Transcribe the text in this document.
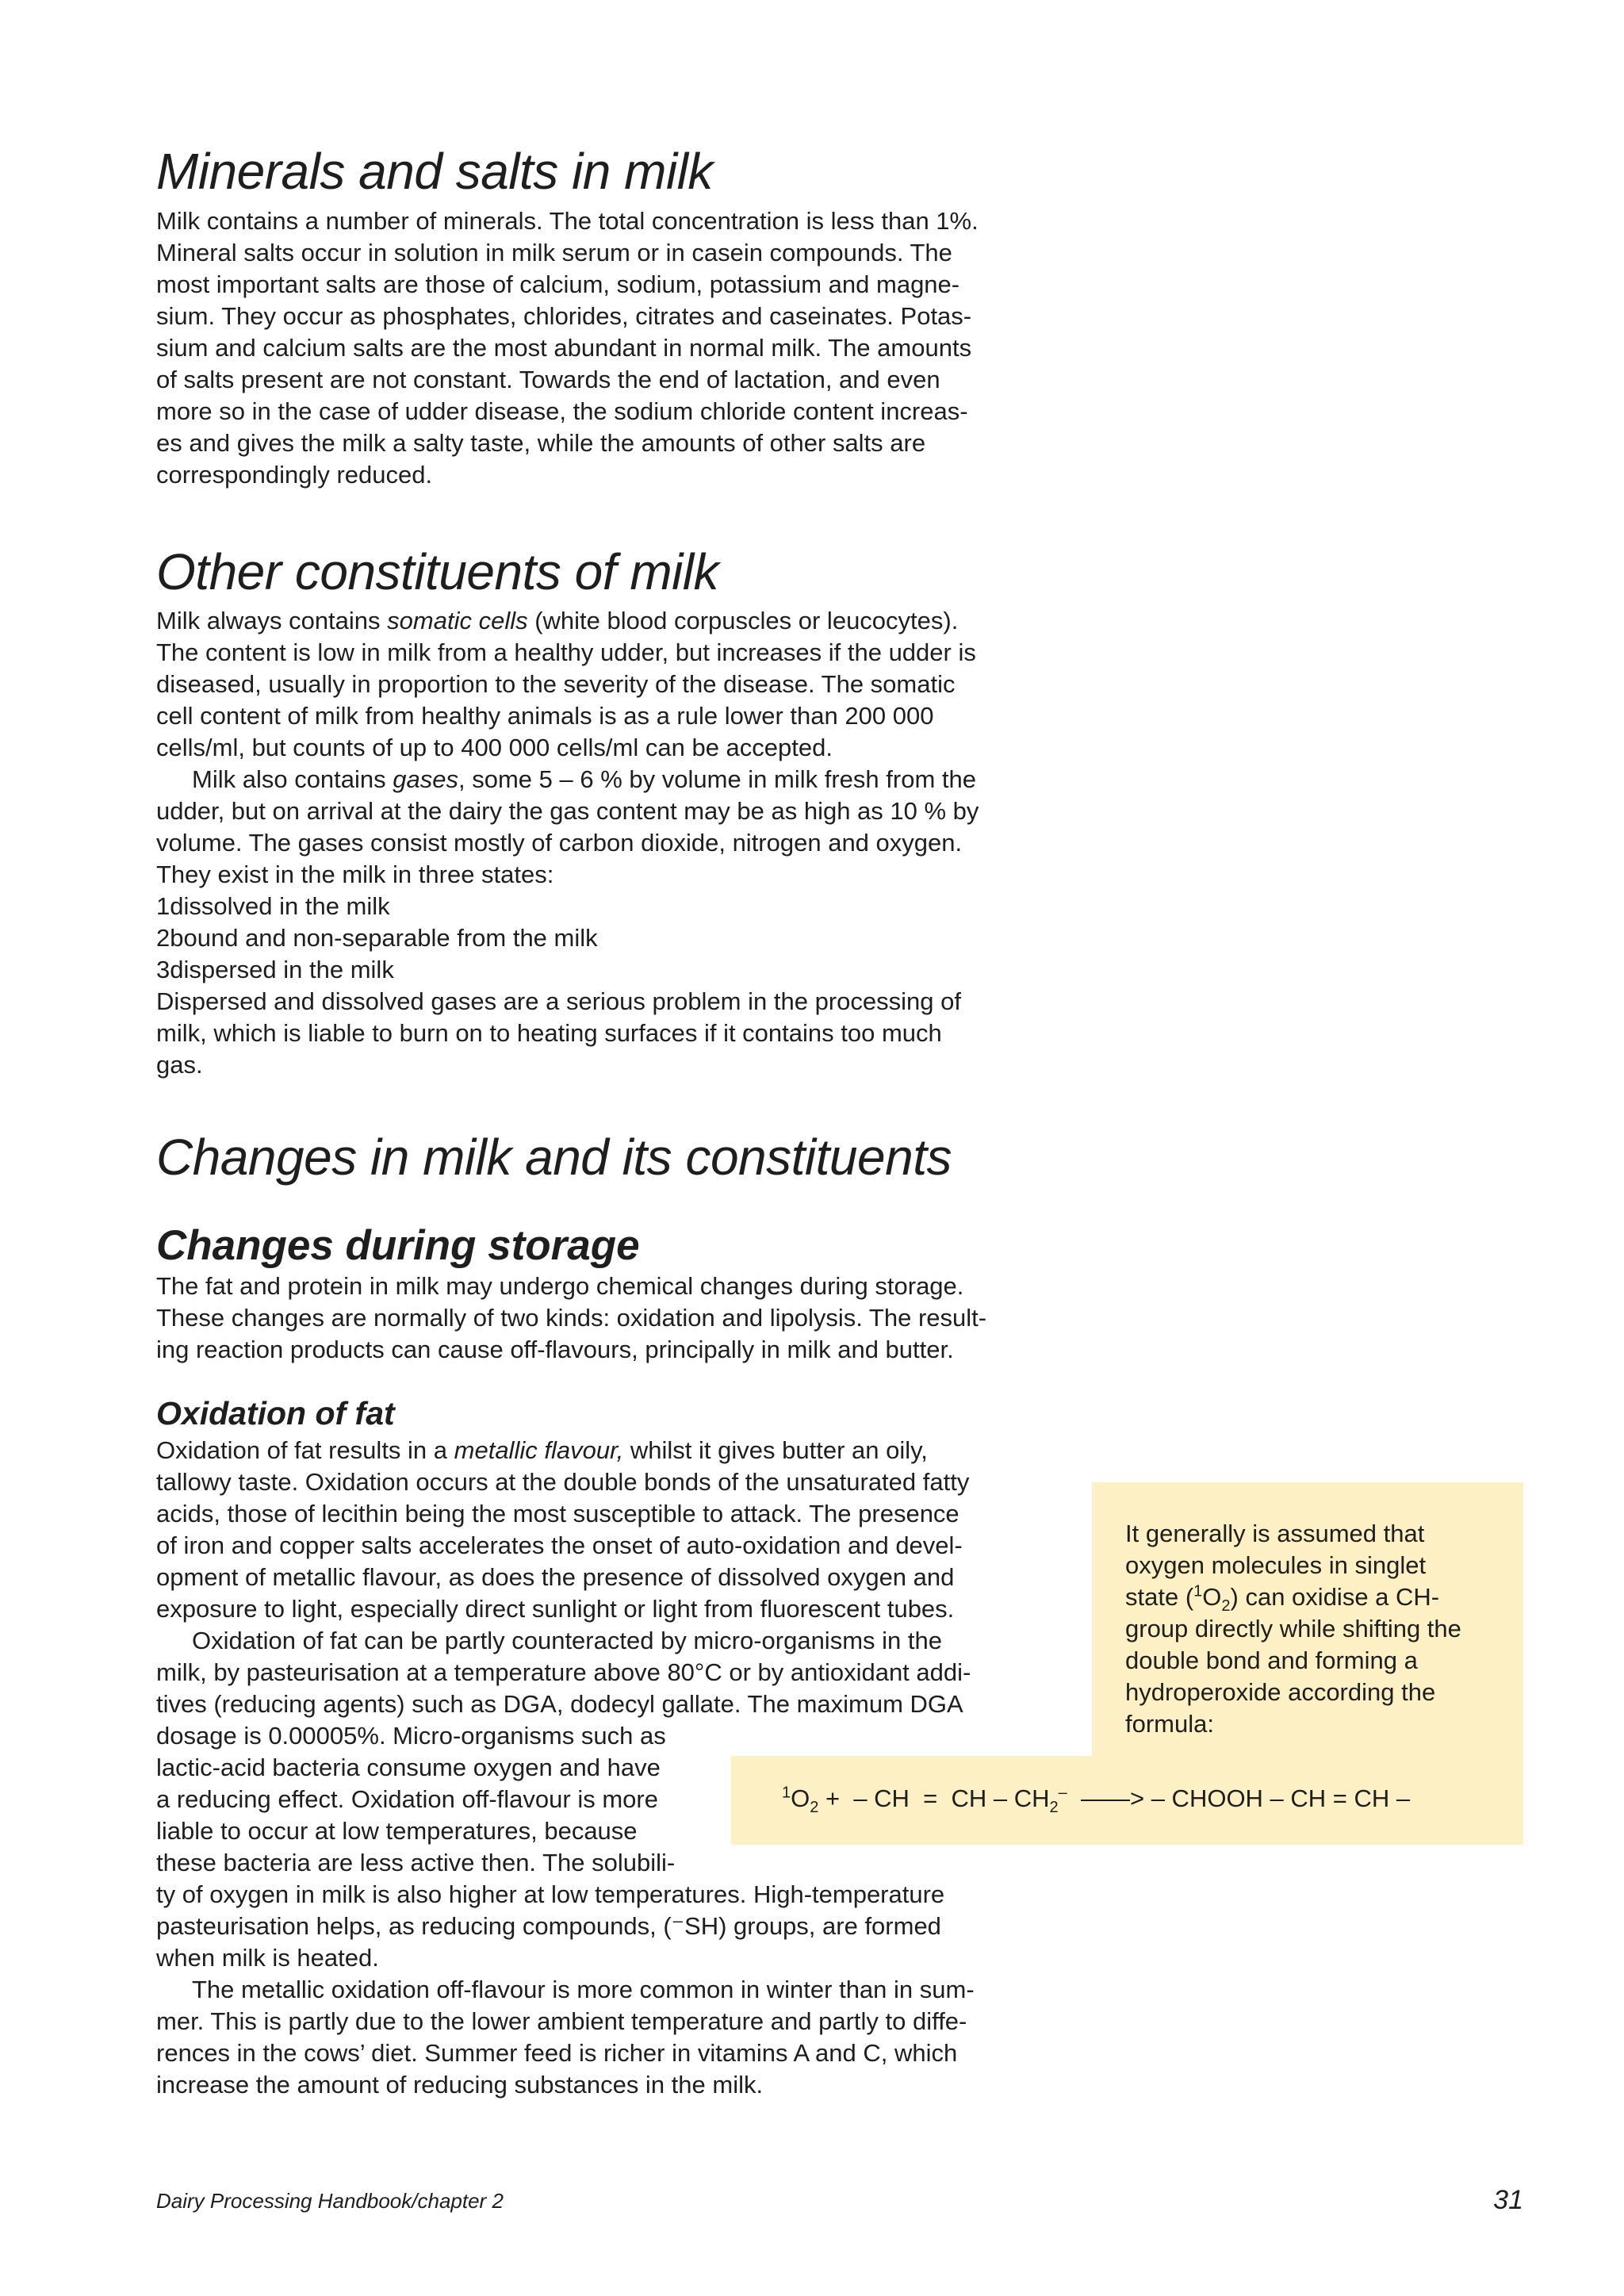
Minerals and salts in milk
Milk contains a number of minerals. The total concentration is less than 1%.
Mineral salts occur in solution in milk serum or in casein compounds. The
most important salts are those of calcium, sodium, potassium and magne-
sium. They occur as phosphates, chlorides, citrates and caseinates. Potas-
sium and calcium salts are the most abundant in normal milk. The amounts
of salts present are not constant. Towards the end of lactation, and even
more so in the case of udder disease, the sodium chloride content increas-
es and gives the milk a salty taste, while the amounts of other salts are
correspondingly reduced.
Other constituents of milk
Milk always contains somatic cells (white blood corpuscles or leucocytes).
The content is low in milk from a healthy udder, but increases if the udder is
diseased, usually in proportion to the severity of the disease. The somatic
cell content of milk from healthy animals is as a rule lower than 200 000
cells/ml, but counts of up to 400 000 cells/ml can be accepted.
Milk also contains gases, some 5 – 6 % by volume in milk fresh from the
udder, but on arrival at the dairy the gas content may be as high as 10 % by
volume. The gases consist mostly of carbon dioxide, nitrogen and oxygen.
They exist in the milk in three states:
1dissolved in the milk
2bound and non-separable from the milk
3dispersed in the milk
Dispersed and dissolved gases are a serious problem in the processing of
milk, which is liable to burn on to heating surfaces if it contains too much
gas.
Changes in milk and its constituents
Changes during storage
The fat and protein in milk may undergo chemical changes during storage.
These changes are normally of two kinds: oxidation and lipolysis. The result-
ing reaction products can cause off-flavours, principally in milk and butter.
Oxidation of fat
Oxidation of fat results in a metallic flavour, whilst it gives butter an oily,
tallowy taste. Oxidation occurs at the double bonds of the unsaturated fatty
acids, those of lecithin being the most susceptible to attack. The presence
of iron and copper salts accelerates the onset of auto-oxidation and devel-
opment of metallic flavour, as does the presence of dissolved oxygen and
exposure to light, especially direct sunlight or light from fluorescent tubes.
Oxidation of fat can be partly counteracted by micro-organisms in the
milk, by pasteurisation at a temperature above 80°C or by antioxidant addi-
tives (reducing agents) such as DGA, dodecyl gallate. The maximum DGA
dosage is 0.00005%. Micro-organisms such as
lactic-acid bacteria consume oxygen and have
a reducing effect. Oxidation off-flavour is more
liable to occur at low temperatures, because
these bacteria are less active then. The solubili-
ty of oxygen in milk is also higher at low temperatures. High-temperature
pasteurisation helps, as reducing compounds, (⁻SH) groups, are formed
when milk is heated.
The metallic oxidation off-flavour is more common in winter than in sum-
mer. This is partly due to the lower ambient temperature and partly to diffe-
rences in the cows’ diet. Summer feed is richer in vitamins A and C, which
increase the amount of reducing substances in the milk.
It generally is assumed that
oxygen molecules in singlet
state $(^1O_2)$ can oxidise a CH-
group directly while shifting the
double bond and forming a
hydroperoxide according the
formula:
$^1O_2$ +  – CH  =  CH – $CH_2^-$  ——> – CHOOH – CH = CH –
Dairy Processing Handbook/chapter 2	31
